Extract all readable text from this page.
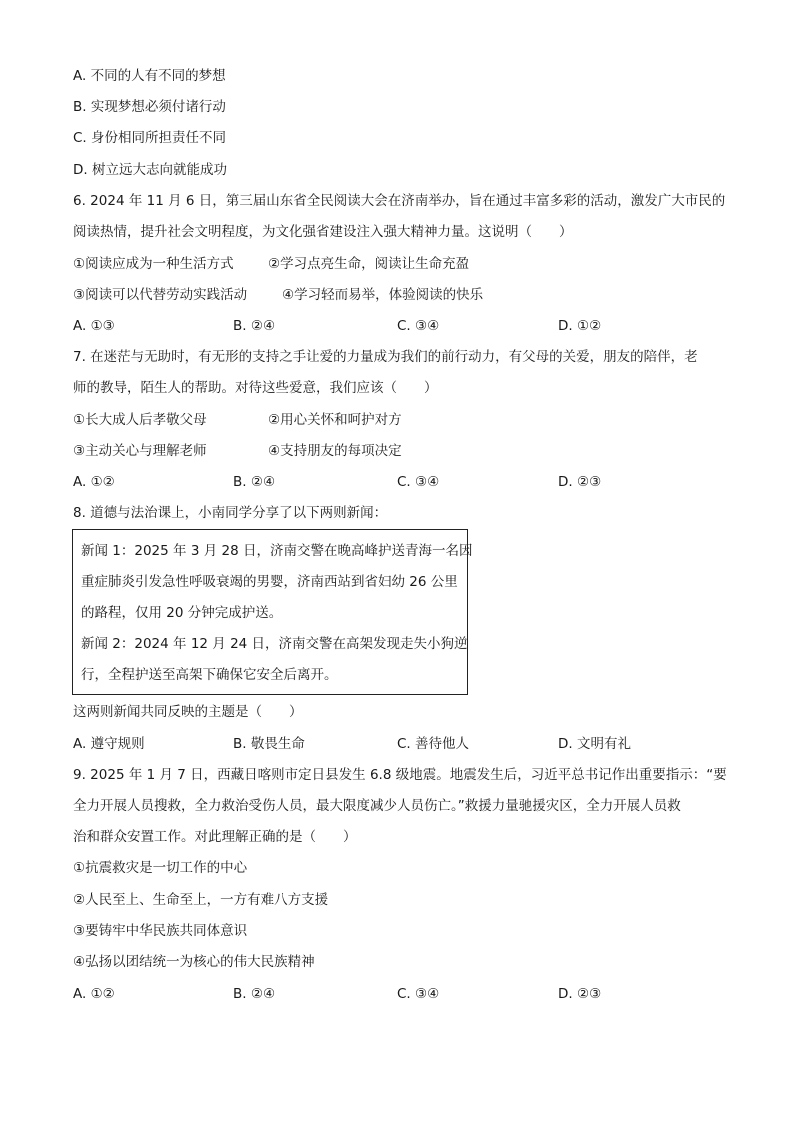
A. 不同的人有不同的梦想
B. 实现梦想必须付诸行动
C. 身份相同所担责任不同
D. 树立远大志向就能成功
6. 2024 年 11 月 6 日，第三届山东省全民阅读大会在济南举办，旨在通过丰富多彩的活动，激发广大市民的
阅读热情，提升社会文明程度，为文化强省建设注入强大精神力量。这说明（　　）
①阅读应成为一种生活方式	②学习点亮生命，阅读让生命充盈
③阅读可以代替劳动实践活动	④学习轻而易举，体验阅读的快乐
A. ①③	B. ②④	C. ③④	D. ①②
7. 在迷茫与无助时，有无形的支持之手让爱的力量成为我们的前行动力，有父母的关爱，朋友的陪伴，老
师的教导，陌生人的帮助。对待这些爱意，我们应该（　　）
①长大成人后孝敬父母	②用心关怀和呵护对方
③主动关心与理解老师	④支持朋友的每项决定
A. ①②	B. ②④	C. ③④	D. ②③
8. 道德与法治课上，小南同学分享了以下两则新闻：
新闻 1：2025 年 3 月 28 日，济南交警在晚高峰护送青海一名因
重症肺炎引发急性呼吸衰竭的男婴，济南西站到省妇幼 26 公里
的路程，仅用 20 分钟完成护送。
新闻 2：2024 年 12 月 24 日，济南交警在高架发现走失小狗逆
行，全程护送至高架下确保它安全后离开。
这两则新闻共同反映的主题是（　　）
A. 遵守规则	B. 敬畏生命	C. 善待他人	D. 文明有礼
9. 2025 年 1 月 7 日，西藏日喀则市定日县发生 6.8 级地震。地震发生后，习近平总书记作出重要指示：“要
全力开展人员搜救，全力救治受伤人员，最大限度减少人员伤亡。”救援力量驰援灾区，全力开展人员救
治和群众安置工作。对此理解正确的是（　　）
①抗震救灾是一切工作的中心
②人民至上、生命至上，一方有难八方支援
③要铸牢中华民族共同体意识
④弘扬以团结统一为核心的伟大民族精神
A. ①②	B. ②④	C. ③④	D. ②③
